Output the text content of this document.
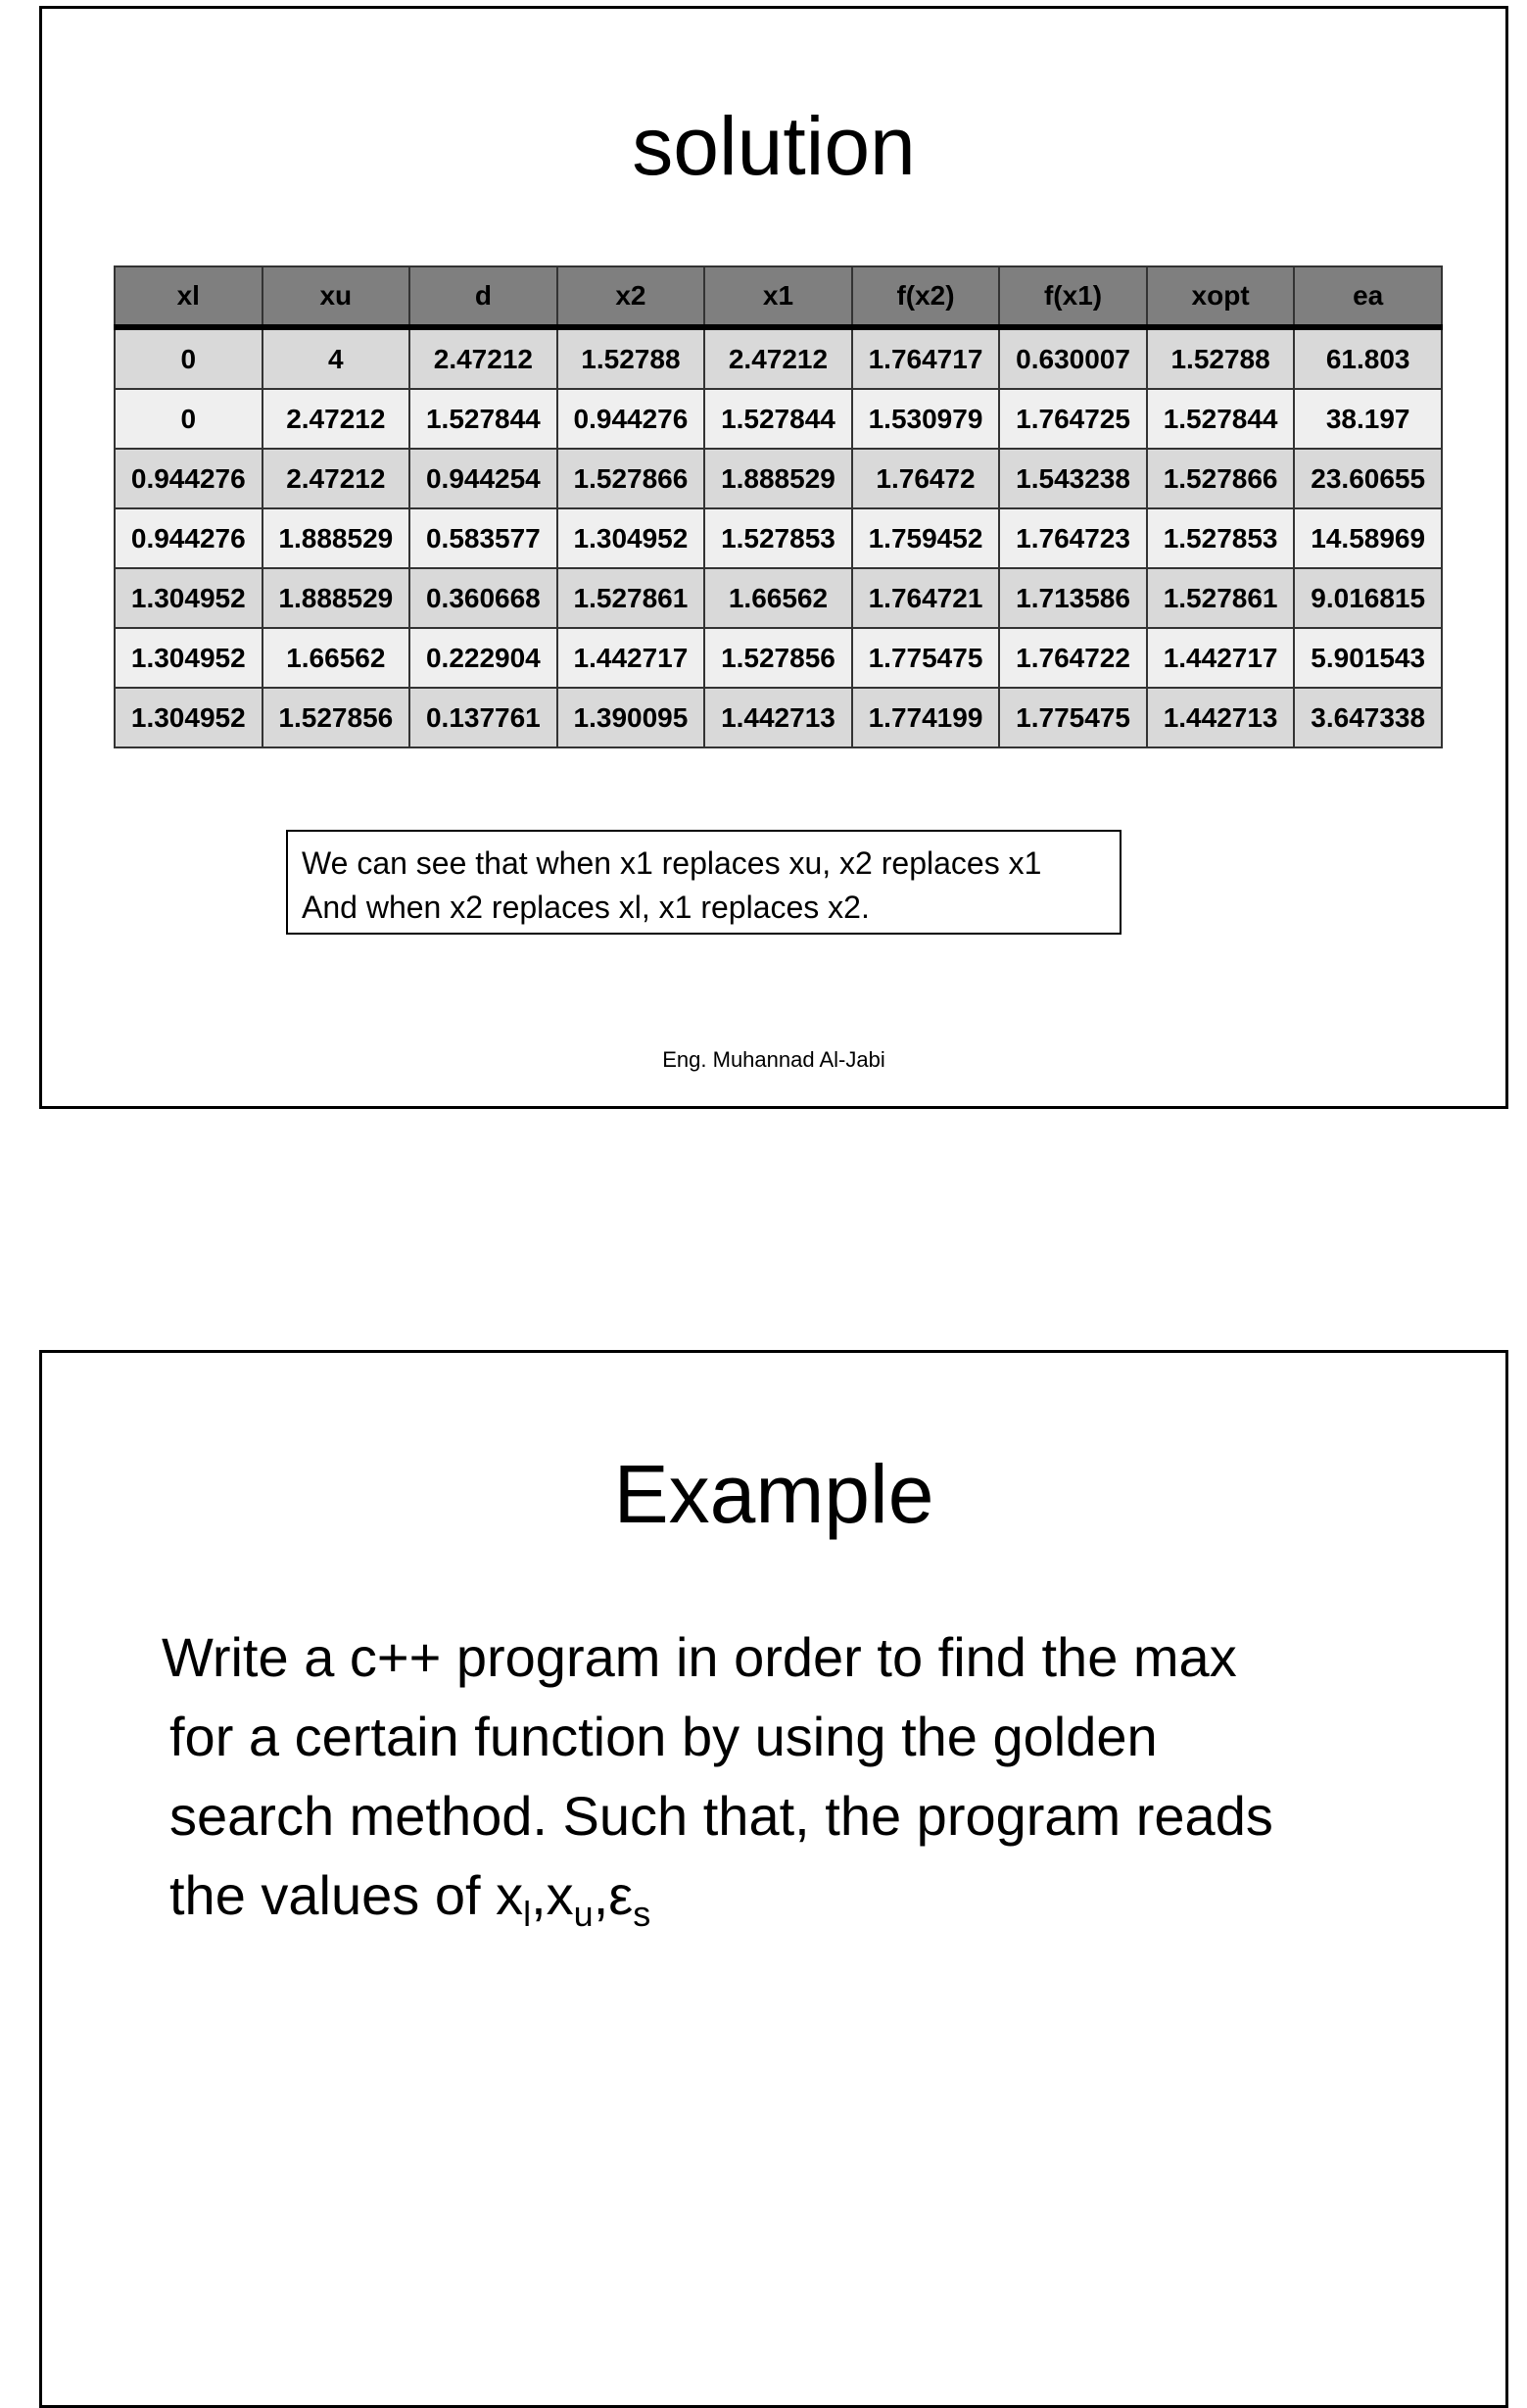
solution
xl	xu	d	x2	x1	f(x2)	f(x1)	xopt	ea
0	4	2.47212	1.52788	2.47212	1.764717	0.630007	1.52788	61.803
0	2.47212	1.527844	0.944276	1.527844	1.530979	1.764725	1.527844	38.197
0.944276	2.47212	0.944254	1.527866	1.888529	1.76472	1.543238	1.527866	23.60655
0.944276	1.888529	0.583577	1.304952	1.527853	1.759452	1.764723	1.527853	14.58969
1.304952	1.888529	0.360668	1.527861	1.66562	1.764721	1.713586	1.527861	9.016815
1.304952	1.66562	0.222904	1.442717	1.527856	1.775475	1.764722	1.442717	5.901543
1.304952	1.527856	0.137761	1.390095	1.442713	1.774199	1.775475	1.442713	3.647338
We can see that when x1 replaces xu, x2 replaces x1
And when x2 replaces xl, x1 replaces x2.
Eng. Muhannad Al-Jabi
Example
Write a c++ program in order to find the max
for a certain function by using the golden
search method. Such that, the program reads
the values of $x_l,x_u,\varepsilon_s$
